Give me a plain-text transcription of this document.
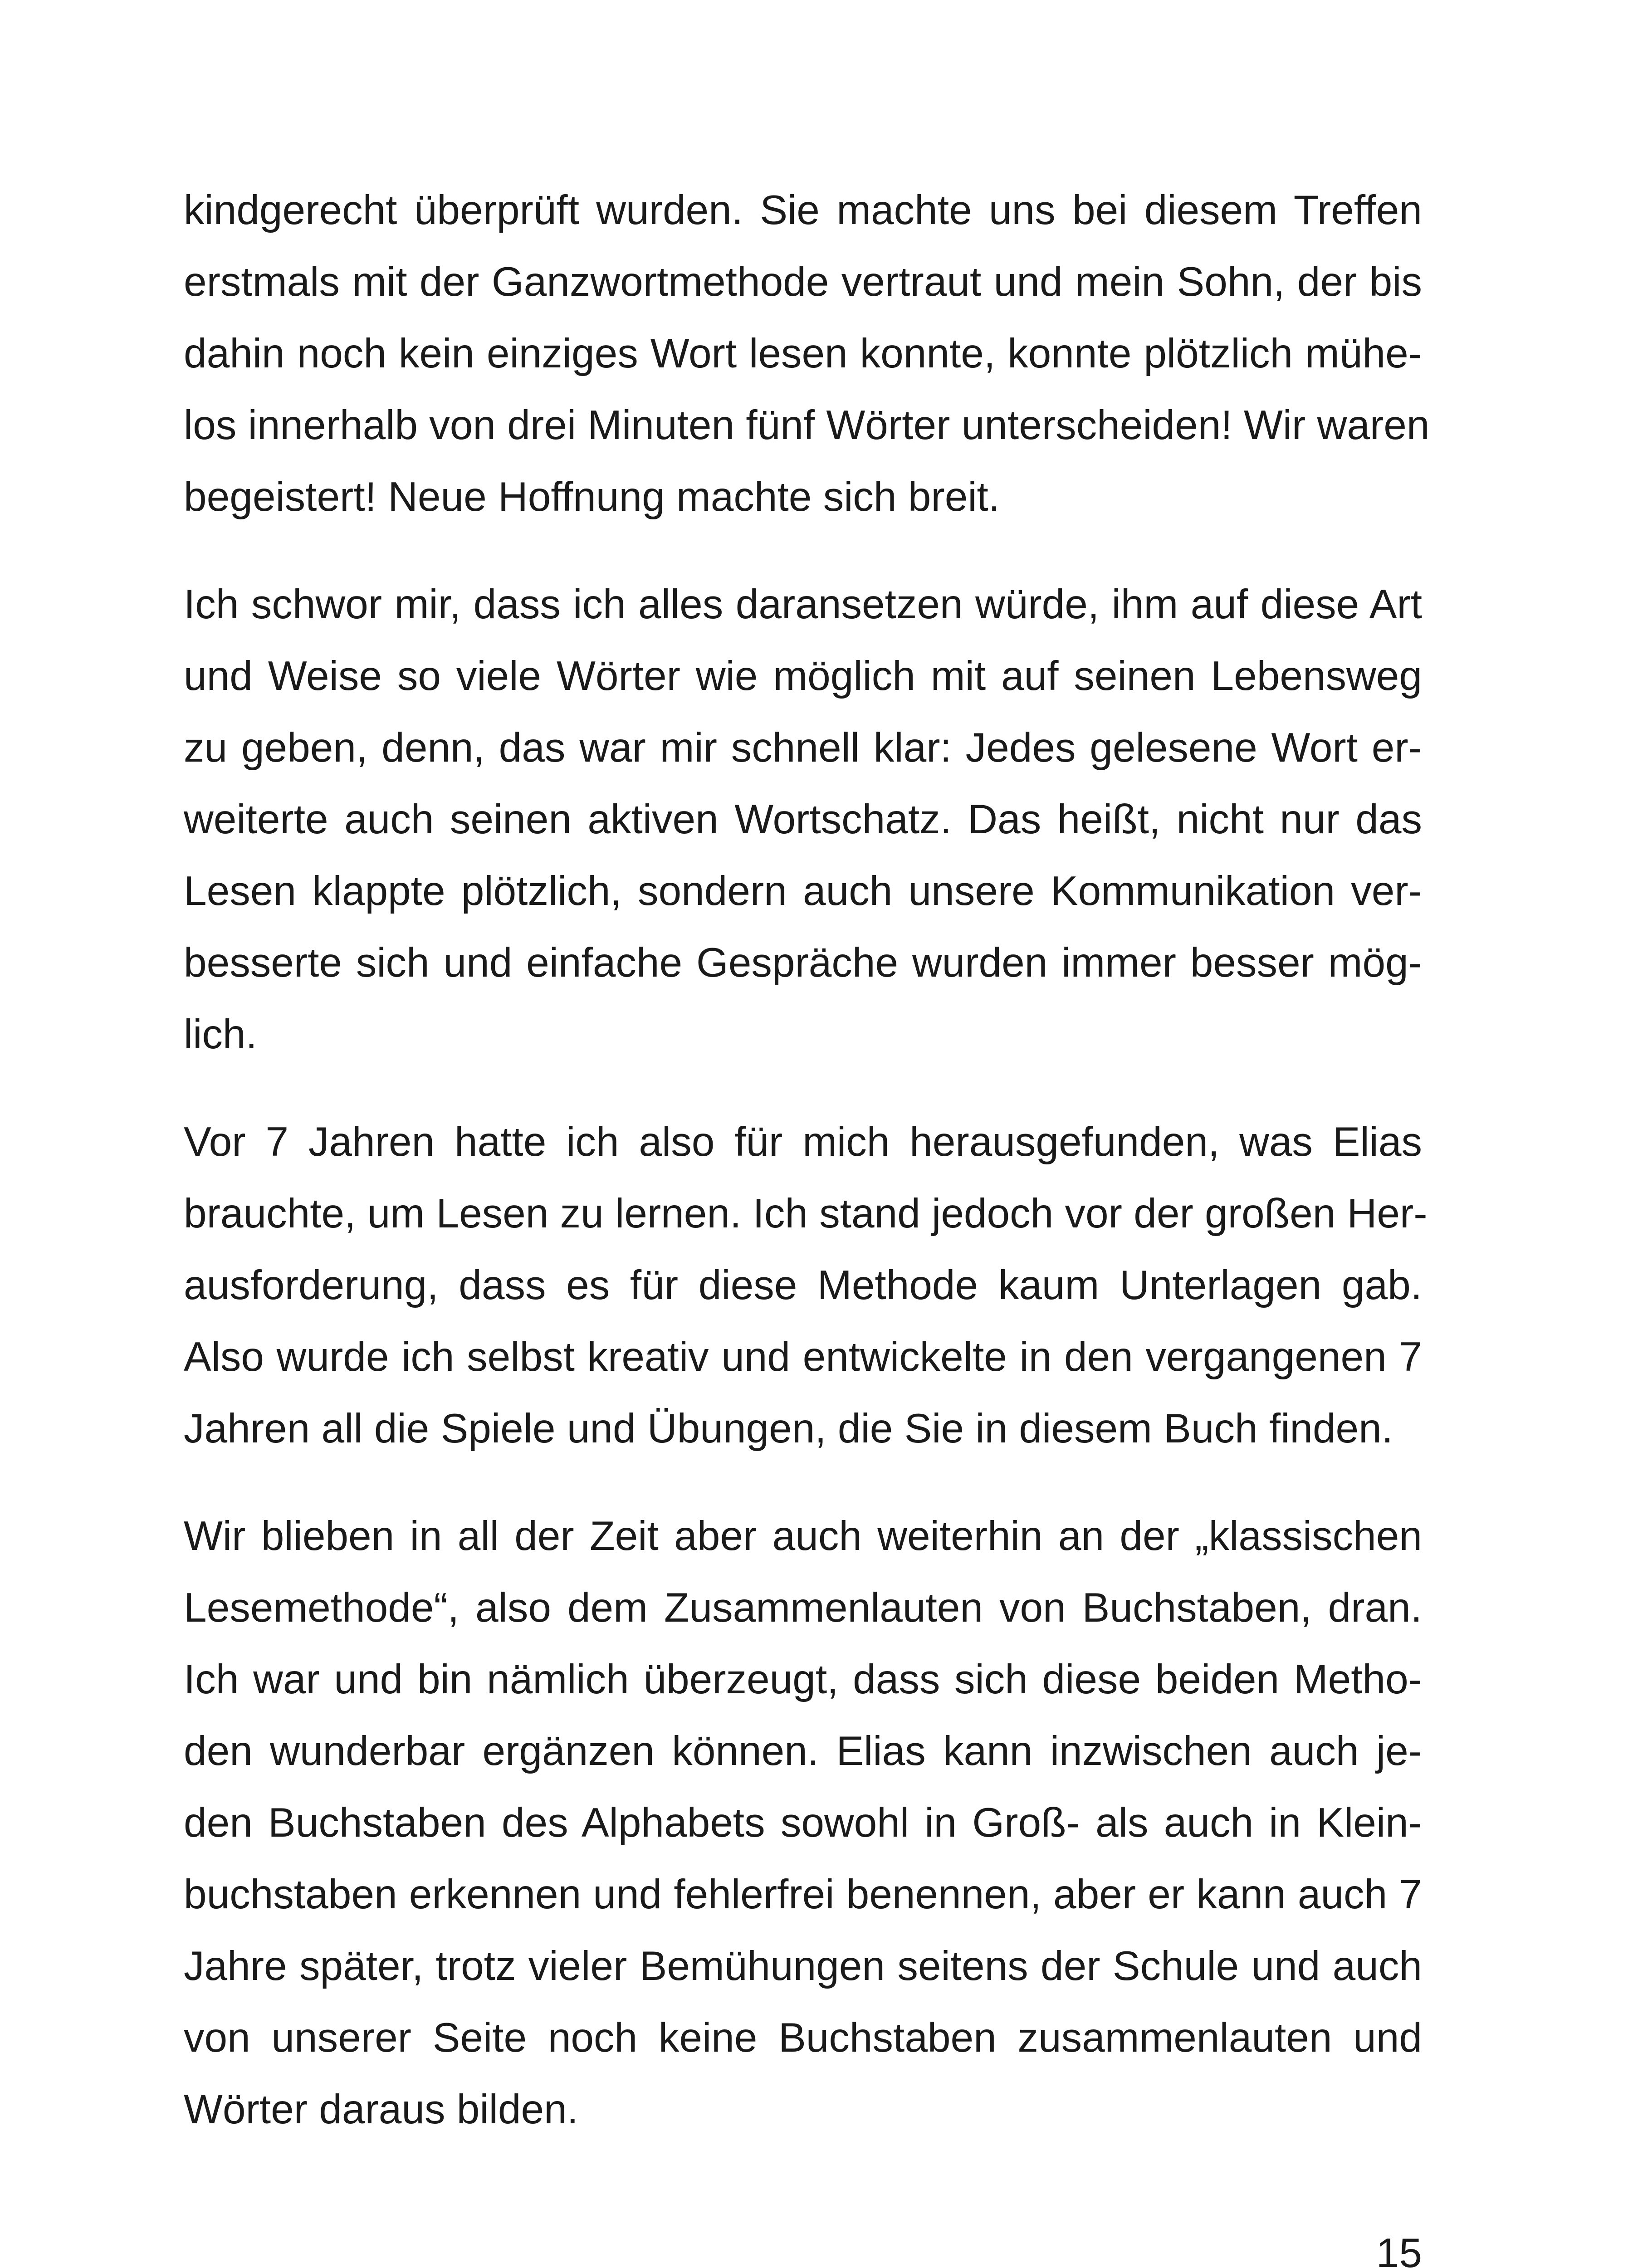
kindgerecht überprüft wurden. Sie machte uns bei diesem Treffen
erstmals mit der Ganzwortmethode vertraut und mein Sohn, der bis
dahin noch kein einziges Wort lesen konnte, konnte plötzlich mühe-
los innerhalb von drei Minuten fünf Wörter unterscheiden! Wir waren
begeistert! Neue Hoffnung machte sich breit.

Ich schwor mir, dass ich alles daransetzen würde, ihm auf diese Art
und Weise so viele Wörter wie möglich mit auf seinen Lebensweg
zu geben, denn, das war mir schnell klar: Jedes gelesene Wort er-
weiterte auch seinen aktiven Wortschatz. Das heißt, nicht nur das
Lesen klappte plötzlich, sondern auch unsere Kommunikation ver-
besserte sich und einfache Gespräche wurden immer besser mög-
lich.

Vor 7 Jahren hatte ich also für mich herausgefunden, was Elias
brauchte, um Lesen zu lernen. Ich stand jedoch vor der großen Her-
ausforderung, dass es für diese Methode kaum Unterlagen gab.
Also wurde ich selbst kreativ und entwickelte in den vergangenen 7
Jahren all die Spiele und Übungen, die Sie in diesem Buch finden.

Wir blieben in all der Zeit aber auch weiterhin an der „klassischen
Lesemethode“, also dem Zusammenlauten von Buchstaben, dran.
Ich war und bin nämlich überzeugt, dass sich diese beiden Metho-
den wunderbar ergänzen können. Elias kann inzwischen auch je-
den Buchstaben des Alphabets sowohl in Groß- als auch in Klein-
buchstaben erkennen und fehlerfrei benennen, aber er kann auch 7
Jahre später, trotz vieler Bemühungen seitens der Schule und auch
von unserer Seite noch keine Buchstaben zusammenlauten und
Wörter daraus bilden.

15
